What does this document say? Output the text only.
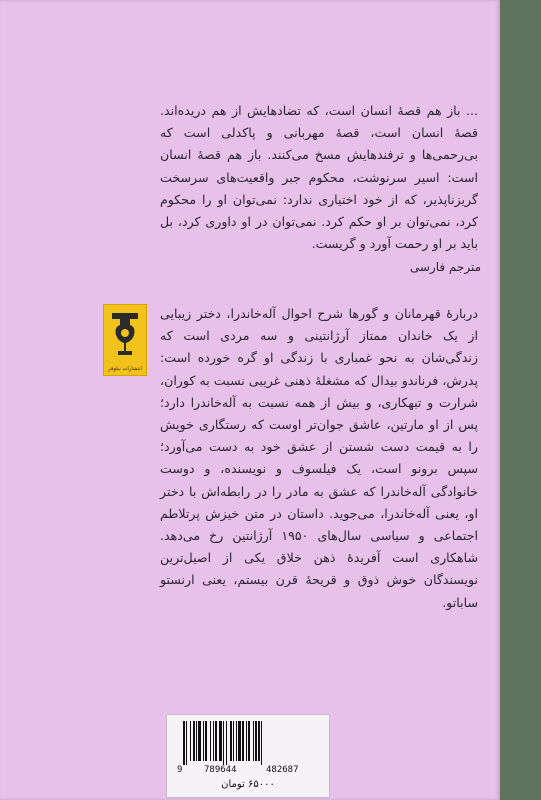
... باز هم قصهٔ انسان است، که تضادهایش از هم دریده‌اند. قصهٔ انسان است، قصهٔ مهربانی و پاکدلی است که بی‌رحمی‌ها و ترفندهایش مسخ می‌کنند. باز هم قصهٔ انسان است: اسیر سرنوشت، محکوم جبر واقعیت‌های سرسخت گریزناپذیر، که از خود اختیاری ندارد: نمی‌توان او را محکوم کرد، نمی‌توان بر او حکم کرد. نمی‌توان در او داوری کرد، بل باید بر او رحمت آورد و گریست.
مترجم فارسی
دربارهٔ قهرمانان و گورها شرح احوال آله‌خاندرا، دختر زیبایی از یک خاندان ممتاز آرژانتینی و سه مردی است که زندگی‌شان به نحو غمباری با زندگی او گره خورده است: پدرش، فرناندو بیدال که مشغلهٔ ذهنی غریبی نسبت به کوران، شرارت و تبهکاری، و بیش از همه نسبت به آله‌خاندرا دارد؛ پس از او مارتین، عاشق جوان‌تر اوست که رستگاری خویش را به قیمت دست شستن از عشق خود به دست می‌آورد؛ سپس برونو است، یک فیلسوف و نویسنده، و دوست خانوادگی آله‌خاندرا که عشق به مادر را در رابطه‌اش با دختر او، یعنی آله‌خاندرا، می‌جوید. داستان در متن خیزش پرتلاطم اجتماعی و سیاسی سال‌های ۱۹۵۰ آرژانتین رخ می‌دهد. شاهکاری است آفریدهٔ ذهن خلاق یکی از اصیل‌ترین نویسندگان خوش ذوق و قریحهٔ قرن بیستم، یعنی ارنستو ساباتو.
انتشارات نیلوفر
9 789644	482687
۶۵۰۰۰ تومان
